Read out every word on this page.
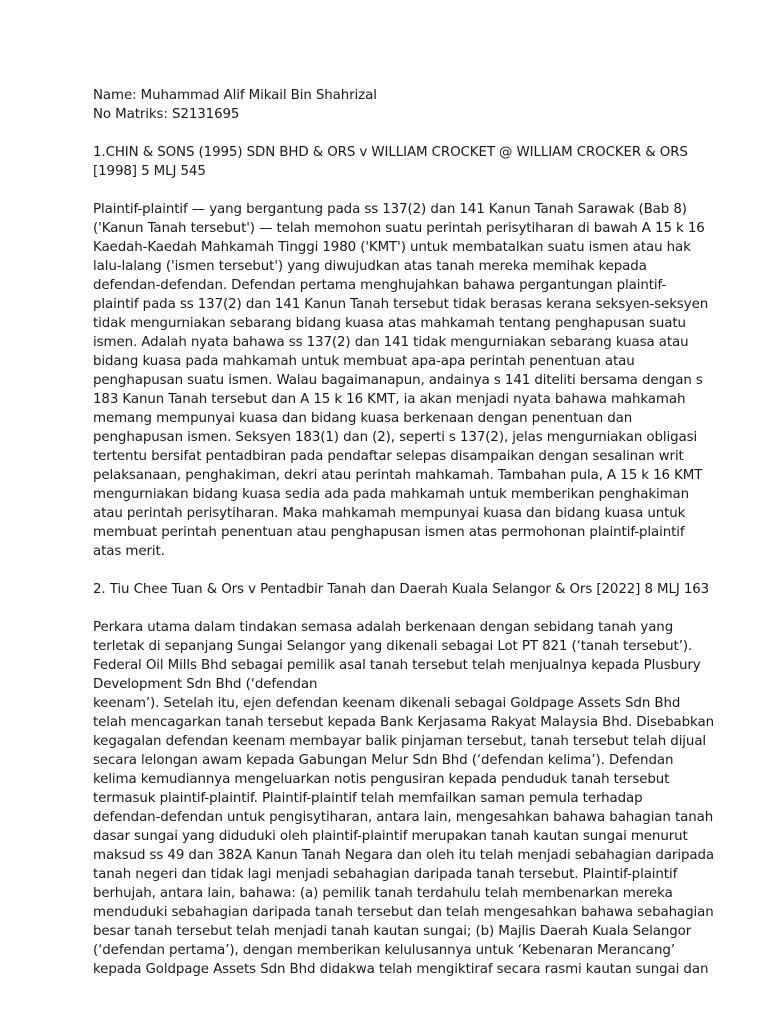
Name: Muhammad Alif Mikail Bin Shahrizal
No Matriks: S2131695
1.CHIN & SONS (1995) SDN BHD & ORS v WILLIAM CROCKET @ WILLIAM CROCKER & ORS
[1998] 5 MLJ 545
Plaintif-plaintif — yang bergantung pada ss 137(2) dan 141 Kanun Tanah Sarawak (Bab 8)
('Kanun Tanah tersebut') — telah memohon suatu perintah perisytiharan di bawah A 15 k 16
Kaedah-Kaedah Mahkamah Tinggi 1980 ('KMT') untuk membatalkan suatu ismen atau hak
lalu-lalang ('ismen tersebut') yang diwujudkan atas tanah mereka memihak kepada
defendan-defendan. Defendan pertama menghujahkan bahawa pergantungan plaintif-
plaintif pada ss 137(2) dan 141 Kanun Tanah tersebut tidak berasas kerana seksyen-seksyen
tidak mengurniakan sebarang bidang kuasa atas mahkamah tentang penghapusan suatu
ismen. Adalah nyata bahawa ss 137(2) dan 141 tidak mengurniakan sebarang kuasa atau
bidang kuasa pada mahkamah untuk membuat apa-apa perintah penentuan atau
penghapusan suatu ismen. Walau bagaimanapun, andainya s 141 diteliti bersama dengan s
183 Kanun Tanah tersebut dan A 15 k 16 KMT, ia akan menjadi nyata bahawa mahkamah
memang mempunyai kuasa dan bidang kuasa berkenaan dengan penentuan dan
penghapusan ismen. Seksyen 183(1) dan (2), seperti s 137(2), jelas mengurniakan obligasi
tertentu bersifat pentadbiran pada pendaftar selepas disampaikan dengan sesalinan writ
pelaksanaan, penghakiman, dekri atau perintah mahkamah. Tambahan pula, A 15 k 16 KMT
mengurniakan bidang kuasa sedia ada pada mahkamah untuk memberikan penghakiman
atau perintah perisytiharan. Maka mahkamah mempunyai kuasa dan bidang kuasa untuk
membuat perintah penentuan atau penghapusan ismen atas permohonan plaintif-plaintif
atas merit.
2. Tiu Chee Tuan & Ors v Pentadbir Tanah dan Daerah Kuala Selangor & Ors [2022] 8 MLJ 163
Perkara utama dalam tindakan semasa adalah berkenaan dengan sebidang tanah yang
terletak di sepanjang Sungai Selangor yang dikenali sebagai Lot PT 821 (‘tanah tersebut’).
Federal Oil Mills Bhd sebagai pemilik asal tanah tersebut telah menjualnya kepada Plusbury
Development Sdn Bhd (‘defendan
keenam’). Setelah itu, ejen defendan keenam dikenali sebagai Goldpage Assets Sdn Bhd
telah mencagarkan tanah tersebut kepada Bank Kerjasama Rakyat Malaysia Bhd. Disebabkan
kegagalan defendan keenam membayar balik pinjaman tersebut, tanah tersebut telah dijual
secara lelongan awam kepada Gabungan Melur Sdn Bhd (‘defendan kelima’). Defendan
kelima kemudiannya mengeluarkan notis pengusiran kepada penduduk tanah tersebut
termasuk plaintif-plaintif. Plaintif-plaintif telah memfailkan saman pemula terhadap
defendan-defendan untuk pengisytiharan, antara lain, mengesahkan bahawa bahagian tanah
dasar sungai yang diduduki oleh plaintif-plaintif merupakan tanah kautan sungai menurut
maksud ss 49 dan 382A Kanun Tanah Negara dan oleh itu telah menjadi sebahagian daripada
tanah negeri dan tidak lagi menjadi sebahagian daripada tanah tersebut. Plaintif-plaintif
berhujah, antara lain, bahawa: (a) pemilik tanah terdahulu telah membenarkan mereka
menduduki sebahagian daripada tanah tersebut dan telah mengesahkan bahawa sebahagian
besar tanah tersebut telah menjadi tanah kautan sungai; (b) Majlis Daerah Kuala Selangor
(‘defendan pertama’), dengan memberikan kelulusannya untuk ‘Kebenaran Merancang’
kepada Goldpage Assets Sdn Bhd didakwa telah mengiktiraf secara rasmi kautan sungai dan
